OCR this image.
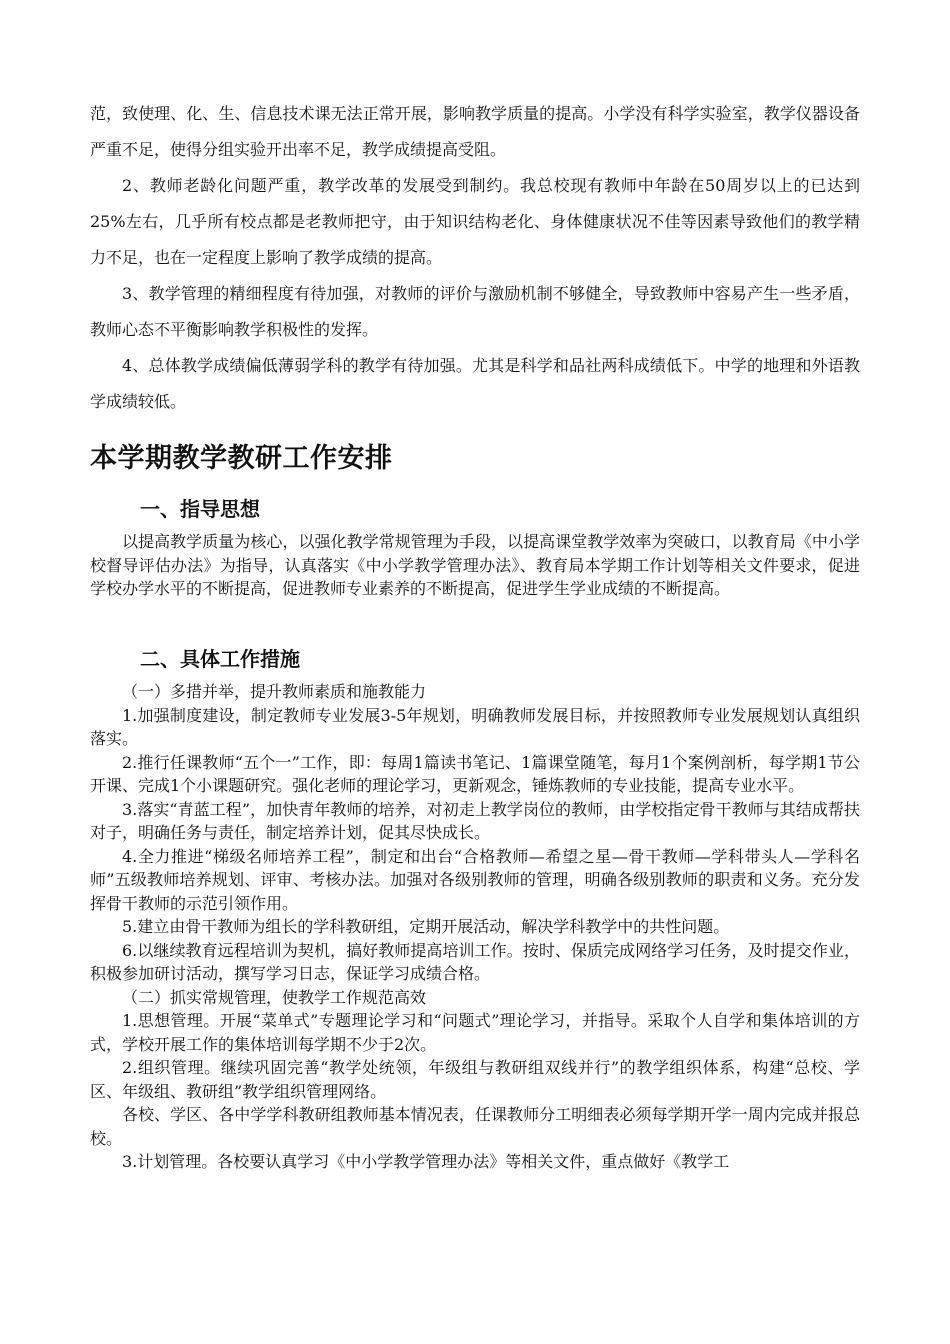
范，致使理、化、生、信息技术课无法正常开展，影响教学质量的提高。小学没有科学实验室，教学仪器设备严重不足，使得分组实验开出率不足，教学成绩提高受阻。

2、教师老龄化问题严重，教学改革的发展受到制约。我总校现有教师中年龄在50周岁以上的已达到25%左右，几乎所有校点都是老教师把守，由于知识结构老化、身体健康状况不佳等因素导致他们的教学精力不足，也在一定程度上影响了教学成绩的提高。

3、教学管理的精细程度有待加强，对教师的评价与激励机制不够健全，导致教师中容易产生一些矛盾，教师心态不平衡影响教学积极性的发挥。

4、总体教学成绩偏低薄弱学科的教学有待加强。尤其是科学和品社两科成绩低下。中学的地理和外语教学成绩较低。

本学期教学教研工作安排
一、指导思想

以提高教学质量为核心，以强化教学常规管理为手段，以提高课堂教学效率为突破口，以教育局《中小学校督导评估办法》为指导，认真落实《中小学教学管理办法》、教育局本学期工作计划等相关文件要求，促进学校办学水平的不断提高，促进教师专业素养的不断提高，促进学生学业成绩的不断提高。

二、具体工作措施

（一）多措并举，提升教师素质和施教能力

1.加强制度建设，制定教师专业发展3-5年规划，明确教师发展目标，并按照教师专业发展规划认真组织落实。

2.推行任课教师“五个一”工作，即：每周1篇读书笔记、1篇课堂随笔，每月1个案例剖析，每学期1节公开课、完成1个小课题研究。强化老师的理论学习，更新观念，锤炼教师的专业技能，提高专业水平。

3.落实“青蓝工程”，加快青年教师的培养，对初走上教学岗位的教师，由学校指定骨干教师与其结成帮扶对子，明确任务与责任，制定培养计划，促其尽快成长。

4.全力推进“梯级名师培养工程”，制定和出台“合格教师—希望之星—骨干教师—学科带头人—学科名师”五级教师培养规划、评审、考核办法。加强对各级别教师的管理，明确各级别教师的职责和义务。充分发挥骨干教师的示范引领作用。

5.建立由骨干教师为组长的学科教研组，定期开展活动，解决学科教学中的共性问题。

6.以继续教育远程培训为契机，搞好教师提高培训工作。按时、保质完成网络学习任务，及时提交作业，积极参加研讨活动，撰写学习日志，保证学习成绩合格。

（二）抓实常规管理，使教学工作规范高效

1.思想管理。开展“菜单式”专题理论学习和“问题式”理论学习，并指导。采取个人自学和集体培训的方式，学校开展工作的集体培训每学期不少于2次。

2.组织管理。继续巩固完善“教学处统领，年级组与教研组双线并行”的教学组织体系，构建“总校、学区、年级组、教研组”教学组织管理网络。

各校、学区、各中学学科教研组教师基本情况表，任课教师分工明细表必须每学期开学一周内完成并报总校。

3.计划管理。各校要认真学习《中小学教学管理办法》等相关文件，重点做好《教学工
